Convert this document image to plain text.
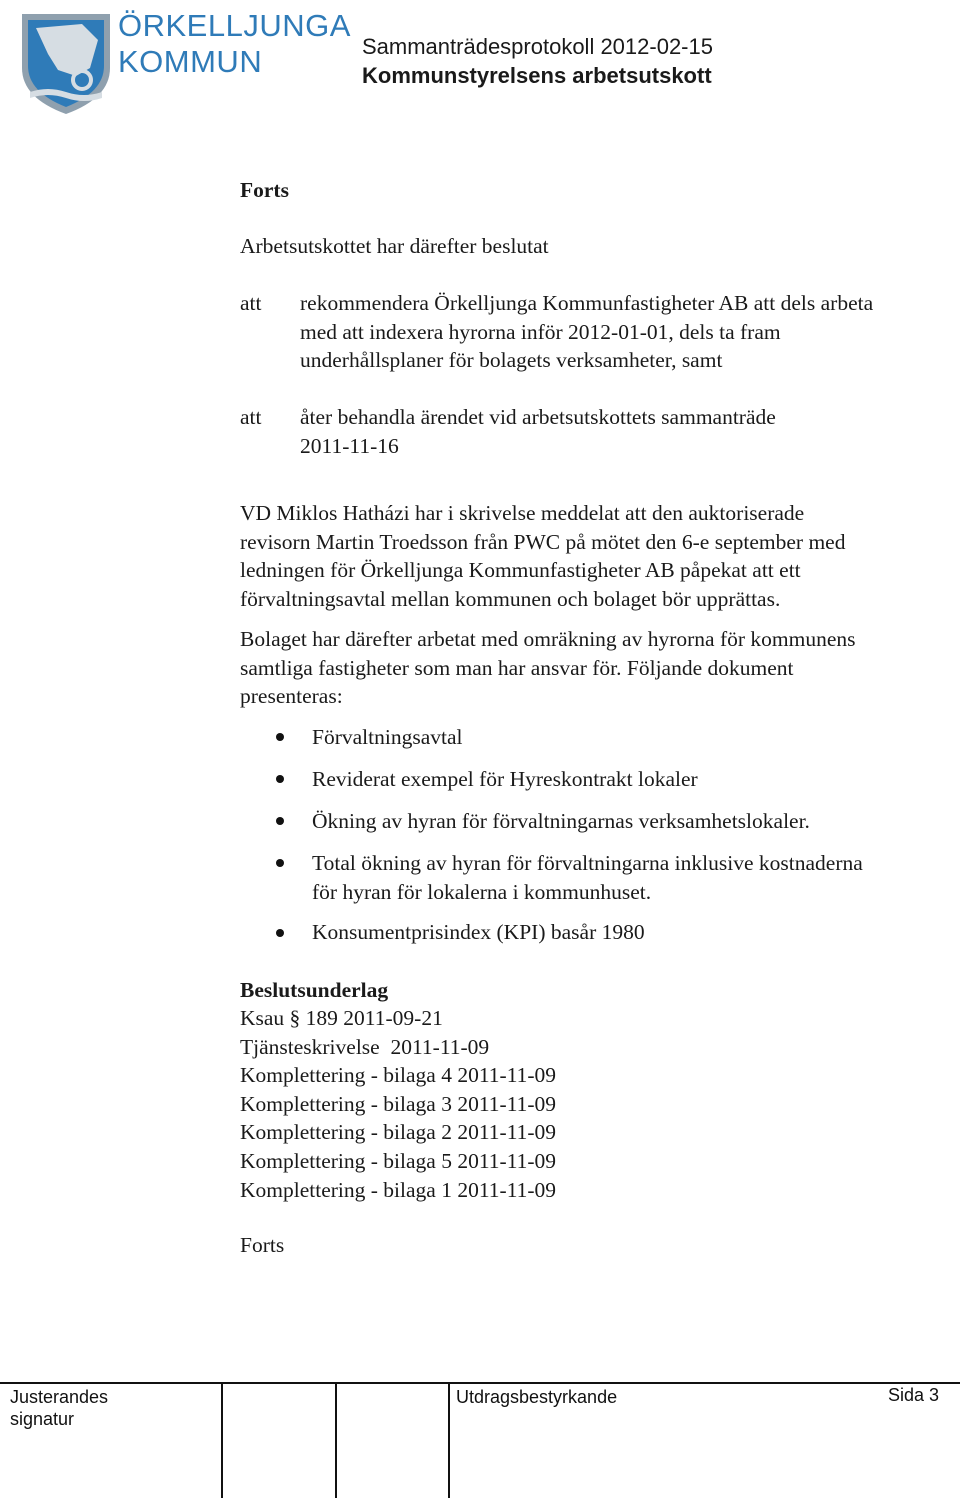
ÖRKELLJUNGA
KOMMUN	Sammanträdesprotokoll 2012-02-15
Kommunstyrelsens arbetsutskott
Forts
Arbetsutskottet har därefter beslutat
att rekommendera Örkelljunga Kommunfastigheter AB att dels arbeta
med att indexera hyrorna inför 2012-01-01, dels ta fram
underhållsplaner för bolagets verksamheter, samt
att åter behandla ärendet vid arbetsutskottets sammanträde
2011-11-16
VD Miklos Hatházi har i skrivelse meddelat att den auktoriserade
revisorn Martin Troedsson från PWC på mötet den 6-e september med
ledningen för Örkelljunga Kommunfastigheter AB påpekat att ett
förvaltningsavtal mellan kommunen och bolaget bör upprättas.
Bolaget har därefter arbetat med omräkning av hyrorna för kommunens
samtliga fastigheter som man har ansvar för. Följande dokument
presenteras:
Förvaltningsavtal
Reviderat exempel för Hyreskontrakt lokaler
Ökning av hyran för förvaltningarnas verksamhetslokaler.
Total ökning av hyran för förvaltningarna inklusive kostnaderna
för hyran för lokalerna i kommunhuset.
Konsumentprisindex (KPI) basår 1980
Beslutsunderlag
Ksau § 189 2011-09-21
Tjänsteskrivelse  2011-11-09
Komplettering - bilaga 4 2011-11-09
Komplettering - bilaga 3 2011-11-09
Komplettering - bilaga 2 2011-11-09
Komplettering - bilaga 5 2011-11-09
Komplettering - bilaga 1 2011-11-09
Forts
Justerandes
signatur
Utdragsbestyrkande	Sida 3
